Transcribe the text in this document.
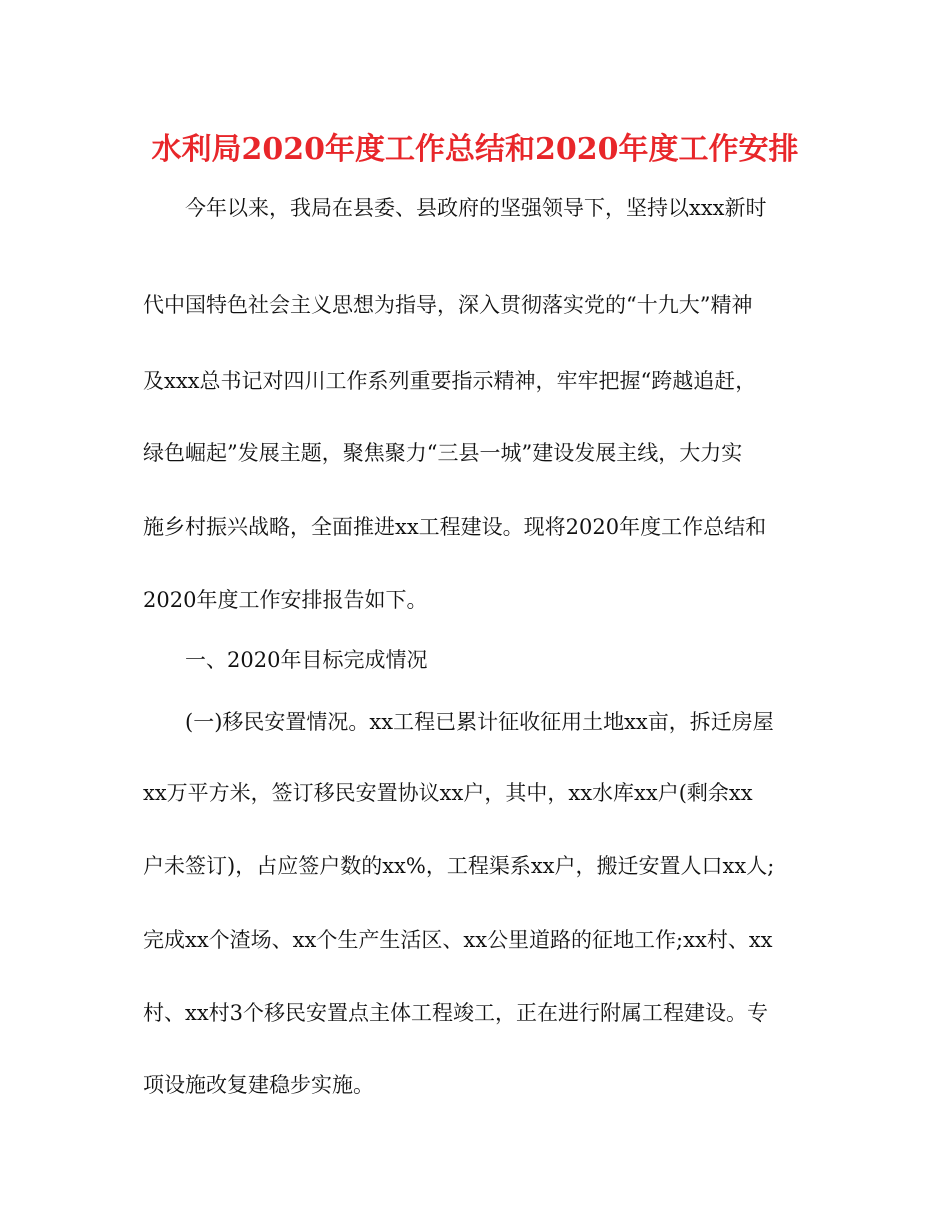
水利局2020年度工作总结和2020年度工作安排
今年以来，我局在县委、县政府的坚强领导下，坚持以xxx新时
代中国特色社会主义思想为指导，深入贯彻落实党的“十九大”精神
及xxx总书记对四川工作系列重要指示精神，牢牢把握“跨越追赶，
绿色崛起”发展主题，聚焦聚力“三县一城”建设发展主线，大力实
施乡村振兴战略，全面推进xx工程建设。现将2020年度工作总结和
2020年度工作安排报告如下。
一、2020年目标完成情况
(一)移民安置情况。xx工程已累计征收征用土地xx亩，拆迁房屋
xx万平方米，签订移民安置协议xx户，其中，xx水库xx户(剩余xx
户未签订)，占应签户数的xx%，工程渠系xx户，搬迁安置人口xx人;
完成xx个渣场、xx个生产生活区、xx公里道路的征地工作;xx村、xx
村、xx村3个移民安置点主体工程竣工，正在进行附属工程建设。专
项设施改复建稳步实施。
